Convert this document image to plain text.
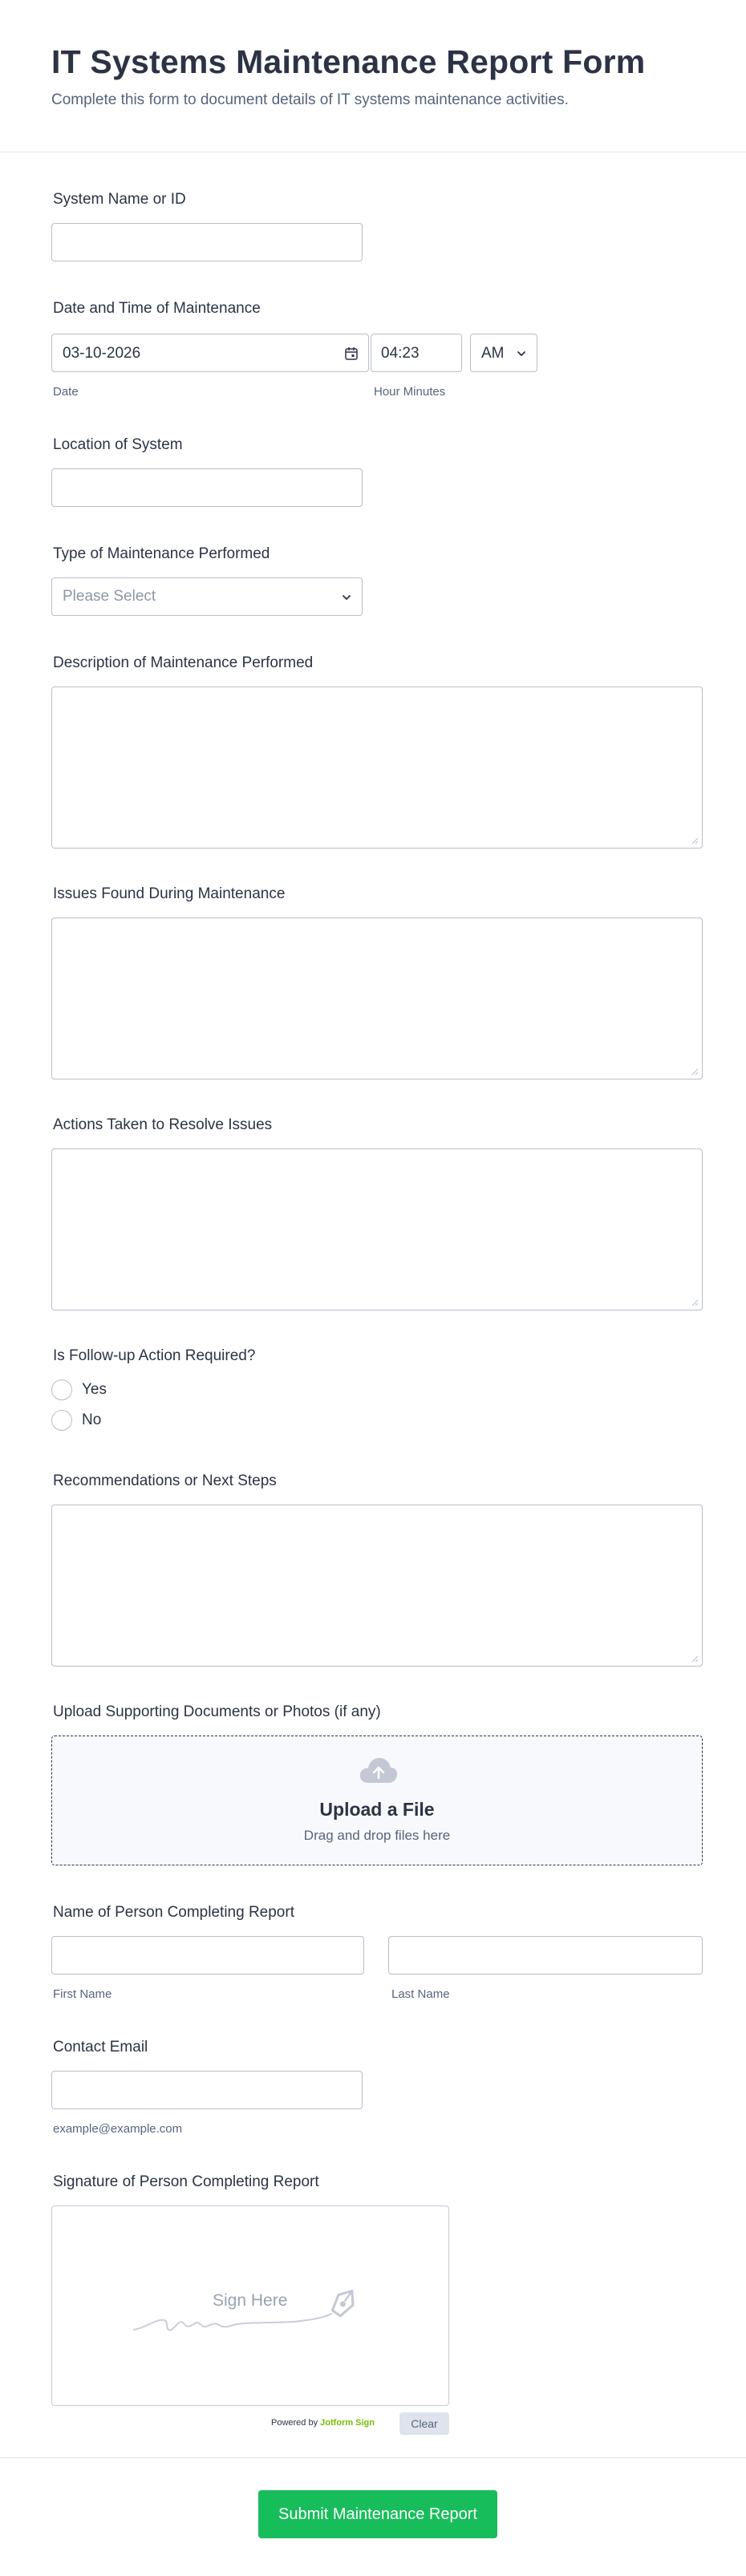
IT Systems Maintenance Report Form

Complete this form to document details of IT systems maintenance activities.

System Name or ID
Date and Time of Maintenance
03-10-2026	04:23	AM
Date	Hour Minutes
Location of System
Type of Maintenance Performed
Please Select
Description of Maintenance Performed
Issues Found During Maintenance
Actions Taken to Resolve Issues
Is Follow-up Action Required?
Yes
No
Recommendations or Next Steps
Upload Supporting Documents or Photos (if any)
Upload a File
Drag and drop files here
Name of Person Completing Report
First Name	Last Name
Contact Email
example@example.com
Signature of Person Completing Report
Sign Here
Powered by Jotform Sign	Clear
Submit Maintenance Report
